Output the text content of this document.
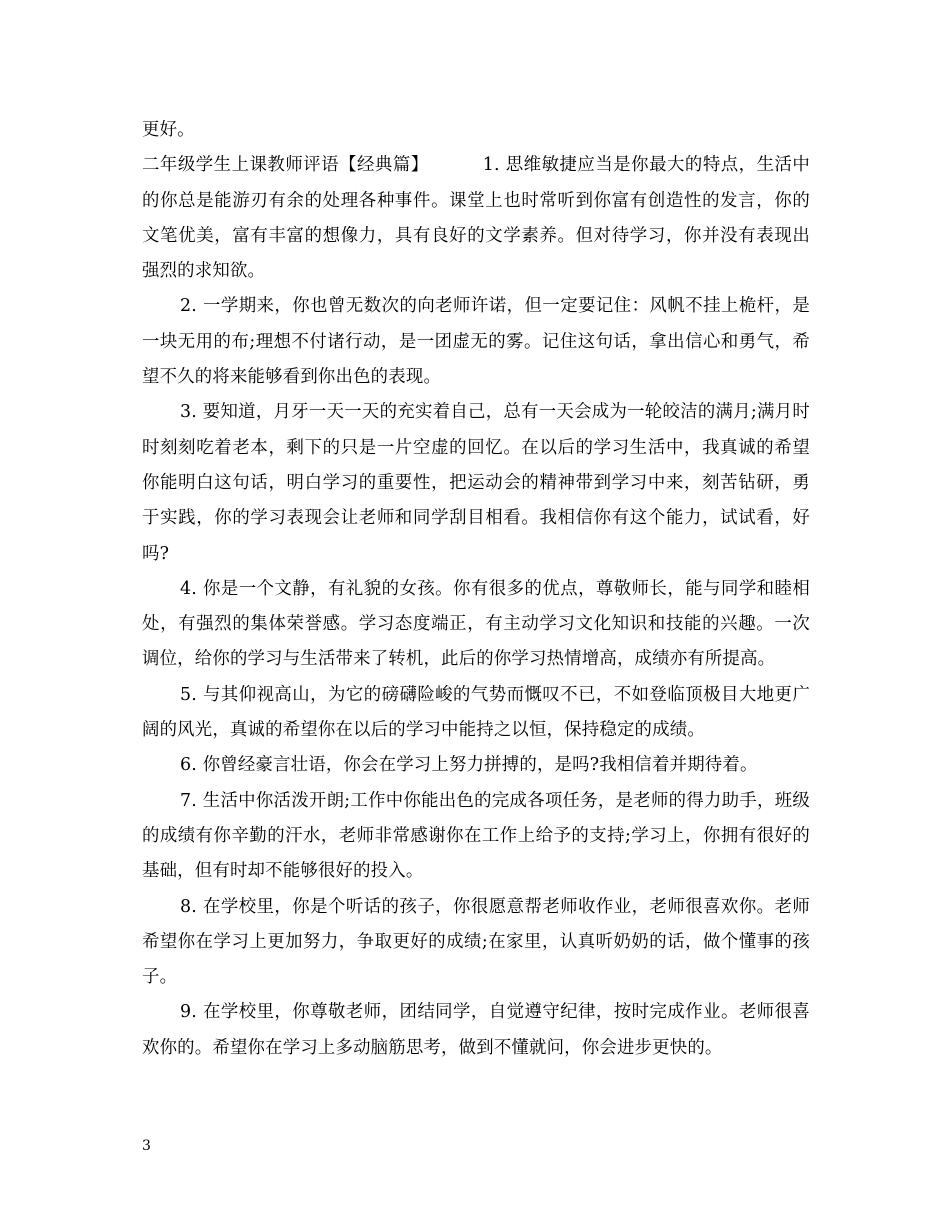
更好。

二年级学生上课教师评语【经典篇】	1. 思维敏捷应当是你最大的特点，生活中的你总是能游刃有余的处理各种事件。课堂上也时常听到你富有创造性的发言，你的文笔优美，富有丰富的想像力，具有良好的文学素养。但对待学习，你并没有表现出强烈的求知欲。

2. 一学期来，你也曾无数次的向老师许诺，但一定要记住：风帆不挂上桅杆，是一块无用的布;理想不付诸行动，是一团虚无的雾。记住这句话，拿出信心和勇气，希望不久的将来能够看到你出色的表现。

3. 要知道，月牙一天一天的充实着自己，总有一天会成为一轮皎洁的满月;满月时时刻刻吃着老本，剩下的只是一片空虚的回忆。在以后的学习生活中，我真诚的希望你能明白这句话，明白学习的重要性，把运动会的精神带到学习中来，刻苦钻研，勇于实践，你的学习表现会让老师和同学刮目相看。我相信你有这个能力，试试看，好吗?

4. 你是一个文静，有礼貌的女孩。你有很多的优点，尊敬师长，能与同学和睦相处，有强烈的集体荣誉感。学习态度端正，有主动学习文化知识和技能的兴趣。一次调位，给你的学习与生活带来了转机，此后的你学习热情增高，成绩亦有所提高。

5. 与其仰视高山，为它的磅礴险峻的气势而慨叹不已，不如登临顶极目大地更广阔的风光，真诚的希望你在以后的学习中能持之以恒，保持稳定的成绩。

6. 你曾经豪言壮语，你会在学习上努力拼搏的，是吗?我相信着并期待着。

7. 生活中你活泼开朗;工作中你能出色的完成各项任务，是老师的得力助手，班级的成绩有你辛勤的汗水，老师非常感谢你在工作上给予的支持;学习上，你拥有很好的基础，但有时却不能够很好的投入。

8. 在学校里，你是个听话的孩子，你很愿意帮老师收作业，老师很喜欢你。老师希望你在学习上更加努力，争取更好的成绩;在家里，认真听奶奶的话，做个懂事的孩子。

9. 在学校里，你尊敬老师，团结同学，自觉遵守纪律，按时完成作业。老师很喜欢你的。希望你在学习上多动脑筋思考，做到不懂就问，你会进步更快的。

3
